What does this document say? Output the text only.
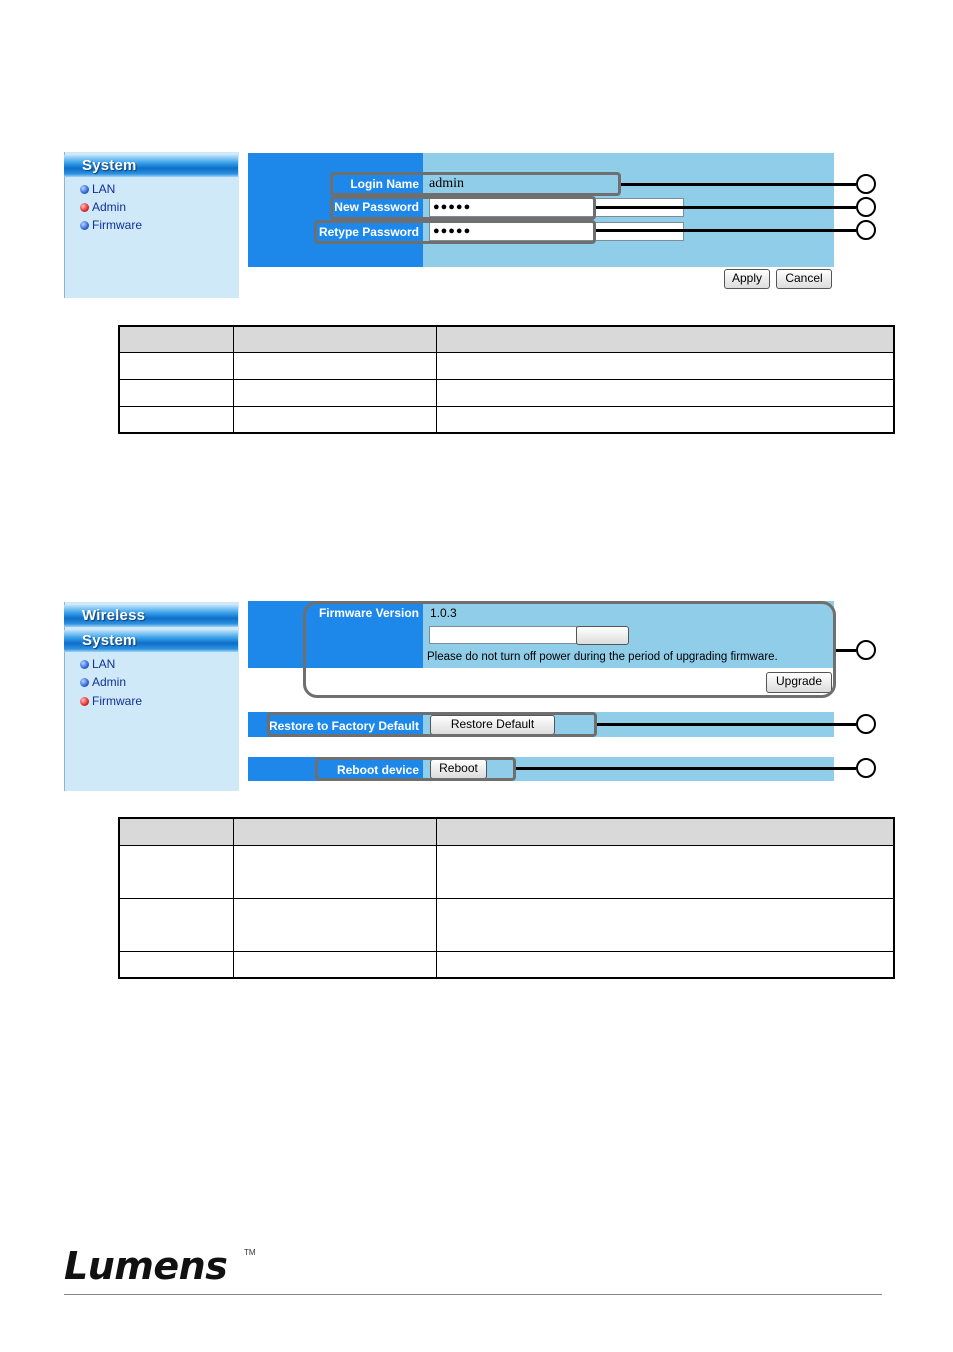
System
LAN
Admin
Firmware
Login Name admin
New Password	●●●●●
Retype Password	●●●●●
Apply	Cancel

Wireless
System
LAN
Admin
Firmware
Firmware Version 1.0.3
Please do not turn off power during the period of upgrading firmware.
Upgrade
Restore to Factory Default	Restore Default
Reboot device	Reboot

Lumens TM
